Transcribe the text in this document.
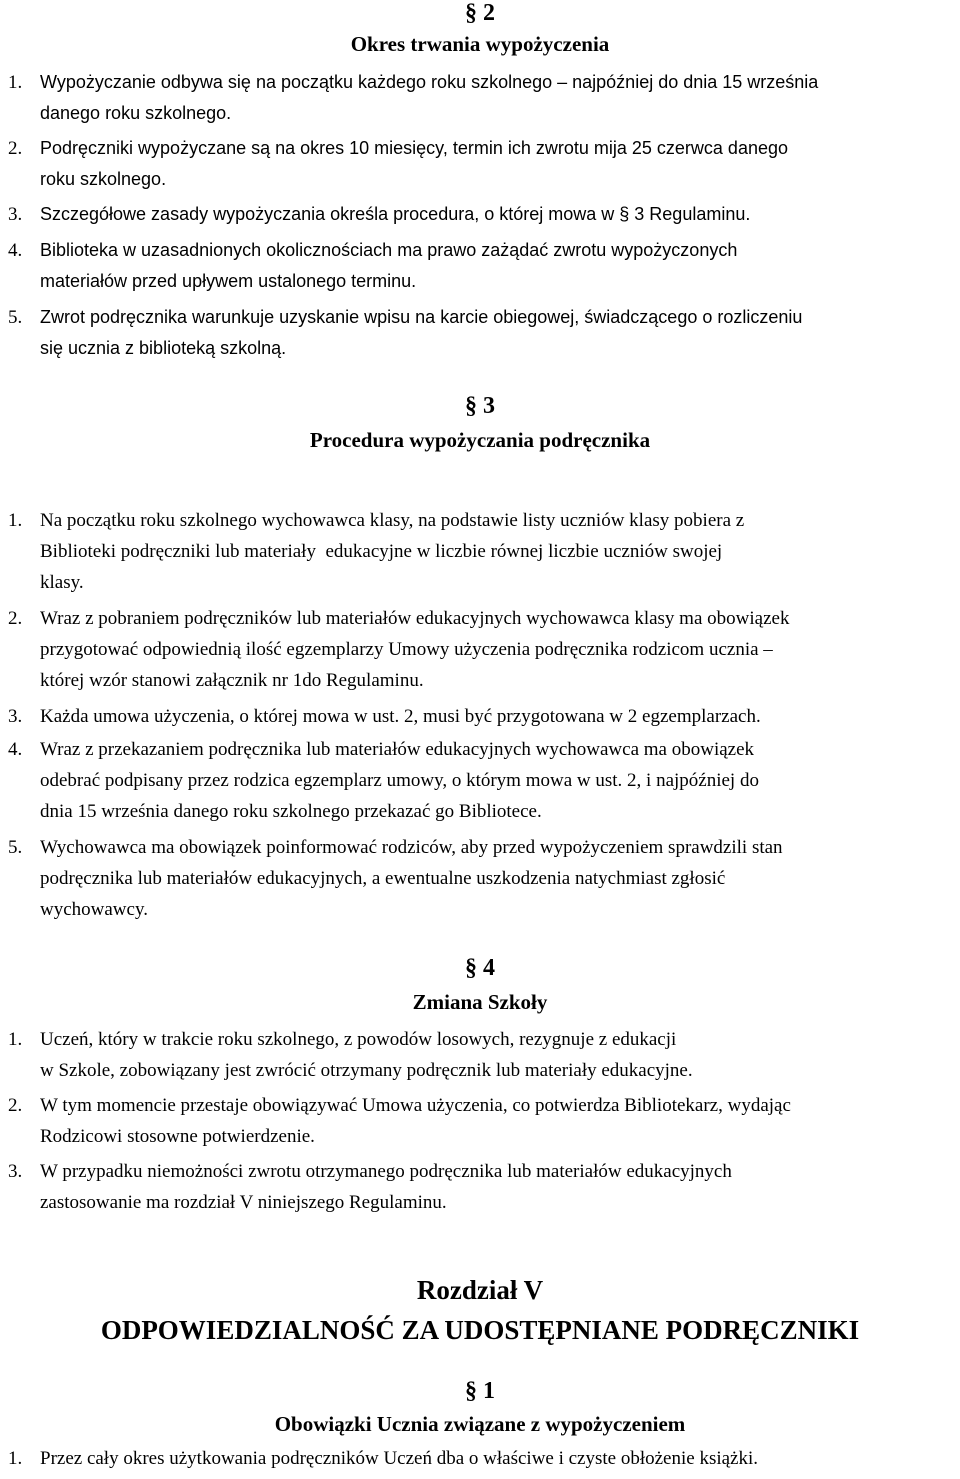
§ 2
Okres trwania wypożyczenia
1. Wypożyczanie odbywa się na początku każdego roku szkolnego – najpóźniej do dnia 15 września
danego roku szkolnego.
2. Podręczniki wypożyczane są na okres 10 miesięcy, termin ich zwrotu mija 25 czerwca danego
roku szkolnego.
3. Szczegółowe zasady wypożyczania określa procedura, o której mowa w § 3 Regulaminu.
4. Biblioteka w uzasadnionych okolicznościach ma prawo zażądać zwrotu wypożyczonych
materiałów przed upływem ustalonego terminu.
5. Zwrot podręcznika warunkuje uzyskanie wpisu na karcie obiegowej, świadczącego o rozliczeniu
się ucznia z biblioteką szkolną.
§ 3
Procedura wypożyczania podręcznika
1. Na początku roku szkolnego wychowawca klasy, na podstawie listy uczniów klasy pobiera z
Biblioteki podręczniki lub materiały  edukacyjne w liczbie równej liczbie uczniów swojej
klasy.
2. Wraz z pobraniem podręczników lub materiałów edukacyjnych wychowawca klasy ma obowiązek
przygotować odpowiednią ilość egzemplarzy Umowy użyczenia podręcznika rodzicom ucznia –
której wzór stanowi załącznik nr 1do Regulaminu.
3. Każda umowa użyczenia, o której mowa w ust. 2, musi być przygotowana w 2 egzemplarzach.
4. Wraz z przekazaniem podręcznika lub materiałów edukacyjnych wychowawca ma obowiązek
odebrać podpisany przez rodzica egzemplarz umowy, o którym mowa w ust. 2, i najpóźniej do
dnia 15 września danego roku szkolnego przekazać go Bibliotece.
5. Wychowawca ma obowiązek poinformować rodziców, aby przed wypożyczeniem sprawdzili stan
podręcznika lub materiałów edukacyjnych, a ewentualne uszkodzenia natychmiast zgłosić
wychowawcy.
§ 4
Zmiana Szkoły
1. Uczeń, który w trakcie roku szkolnego, z powodów losowych, rezygnuje z edukacji
w Szkole, zobowiązany jest zwrócić otrzymany podręcznik lub materiały edukacyjne.
2. W tym momencie przestaje obowiązywać Umowa użyczenia, co potwierdza Bibliotekarz, wydając
Rodzicowi stosowne potwierdzenie.
3. W przypadku niemożności zwrotu otrzymanego podręcznika lub materiałów edukacyjnych
zastosowanie ma rozdział V niniejszego Regulaminu.
Rozdział V
ODPOWIEDZIALNOŚĆ ZA UDOSTĘPNIANE PODRĘCZNIKI
§ 1
Obowiązki Ucznia związane z wypożyczeniem
1. Przez cały okres użytkowania podręczników Uczeń dba o właściwe i czyste obłożenie książki.
